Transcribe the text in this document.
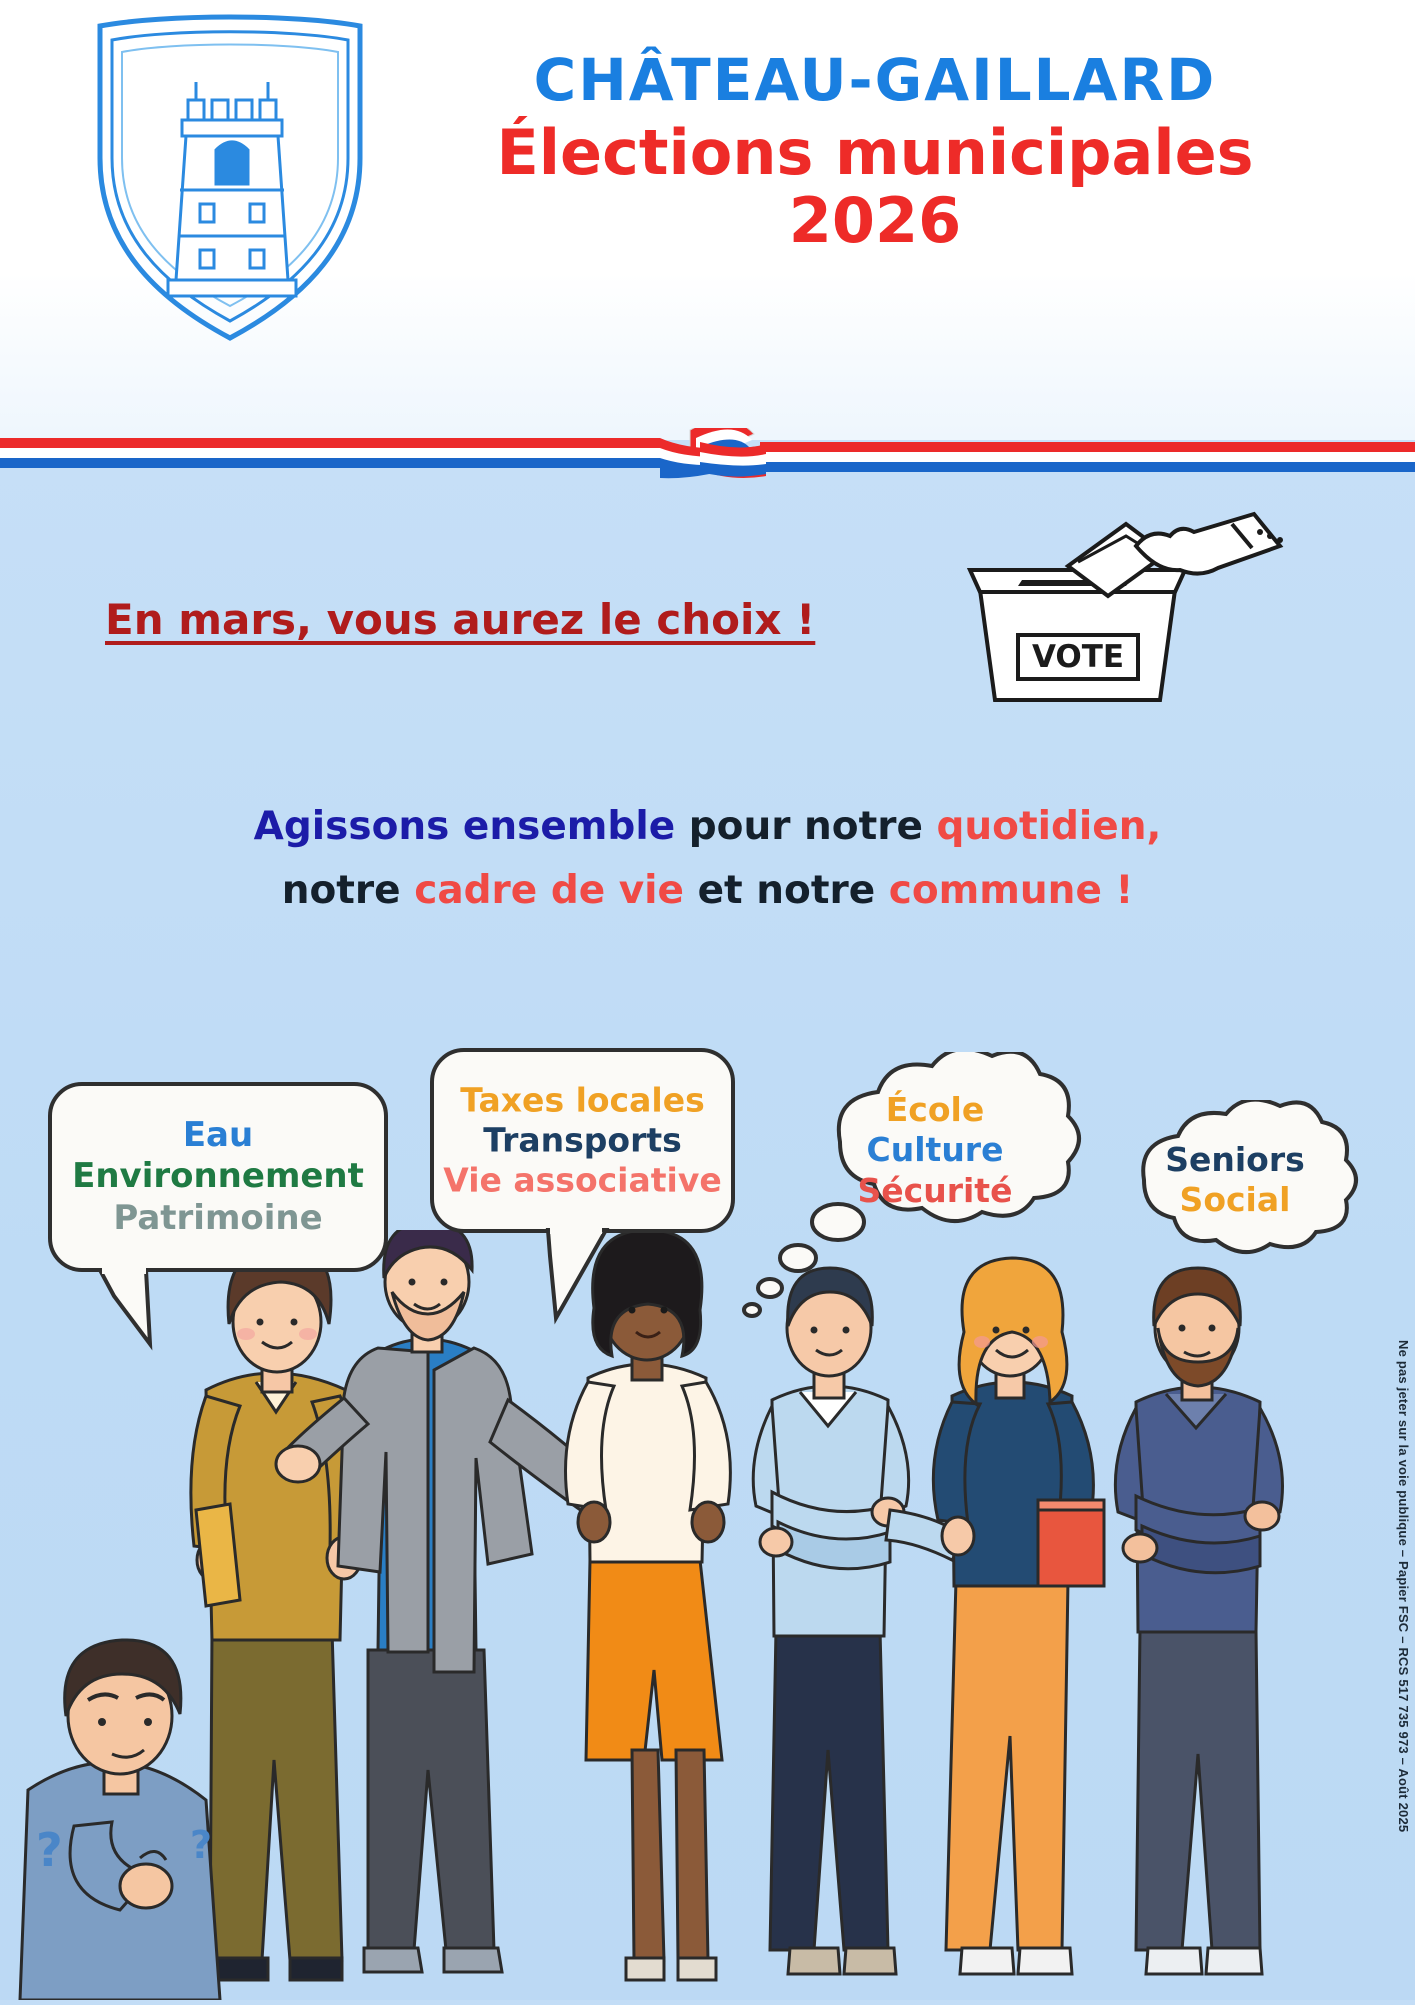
CHÂTEAU-GAILLARD
Élections municipales
2026
En mars, vous aurez le choix !
VOTE
Agissons ensemble pour notre quotidien,
notre cadre de vie et notre commune !
Eau
Environnement
Patrimoine
Taxes locales
Transports
Vie associative
École
Culture
Sécurité
Seniors
Social
?	?
Ne pas jeter sur la voie publique – Papier FSC – RCS 517 735 973 – Août 2025
